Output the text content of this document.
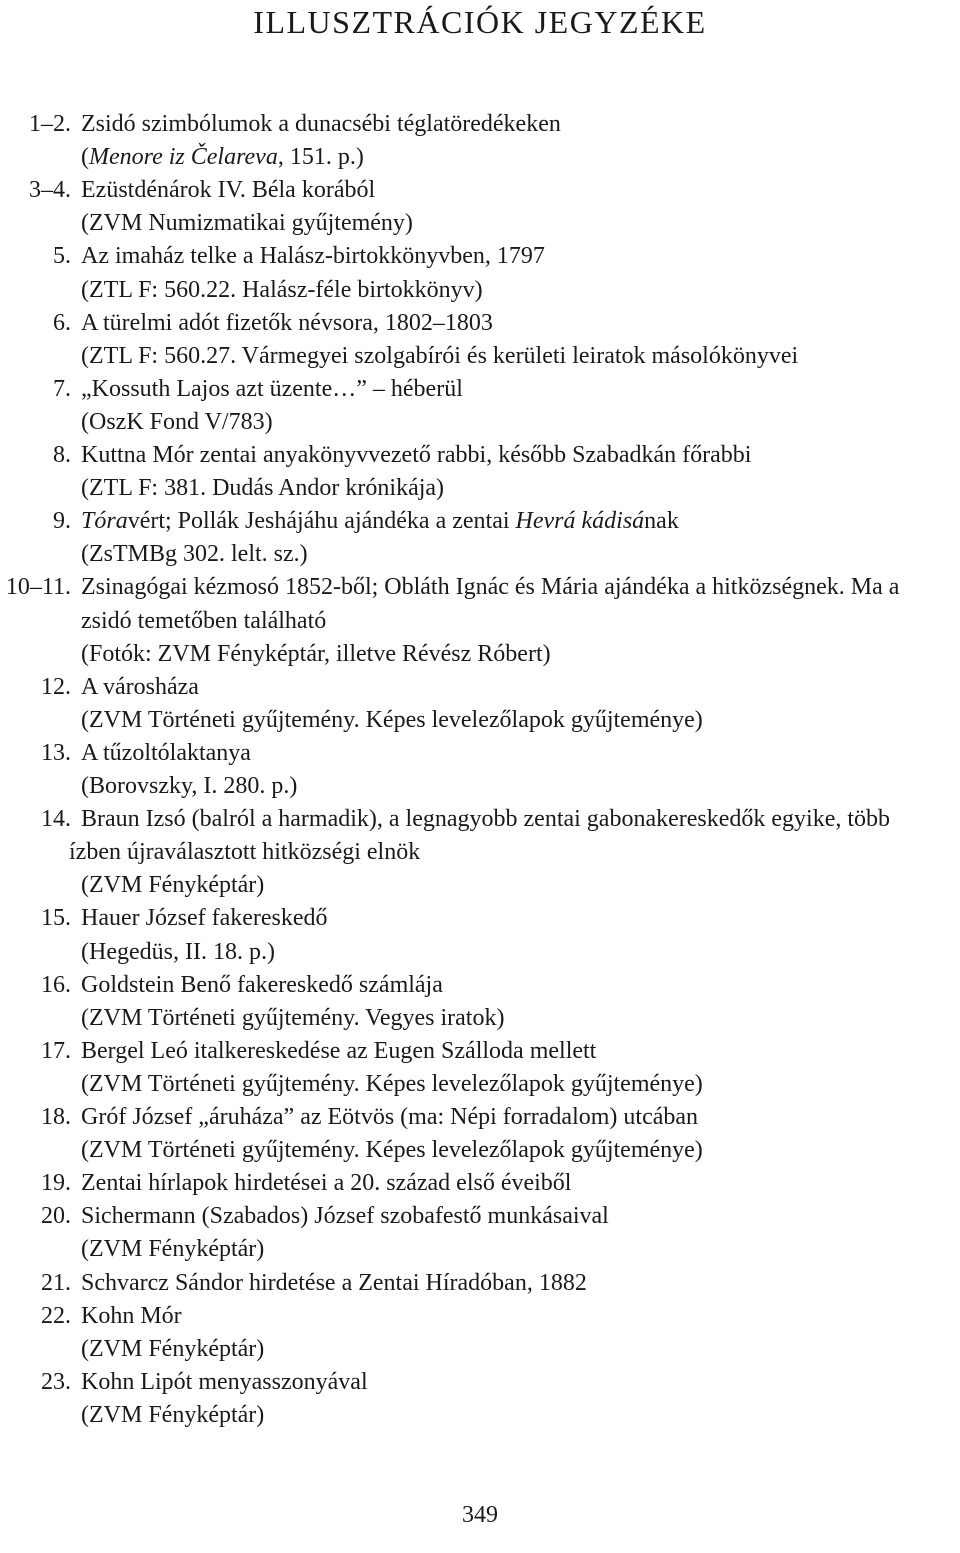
ILLUSZTRÁCIÓK JEGYZÉKE
1–2. Zsidó szimbólumok a dunacsébi téglatöredékeken
(Menore iz Čelareva, 151. p.)
3–4. Ezüstdénárok IV. Béla korából
(ZVM Numizmatikai gyűjtemény)
5. Az imaház telke a Halász-birtokkönyvben, 1797
(ZTL F: 560.22. Halász-féle birtokkönyv)
6. A türelmi adót fizetők névsora, 1802–1803
(ZTL F: 560.27. Vármegyei szolgabírói és kerületi leiratok másolókönyvei
7. „Kossuth Lajos azt üzente…” – héberül
(OszK Fond V/783)
8. Kuttna Mór zentai anyakönyvvezető rabbi, később Szabadkán főrabbi
(ZTL F: 381. Dudás Andor krónikája)
9. Tóravért; Pollák Jeshájáhu ajándéka a zentai Hevrá kádisának
(ZsTMBg 302. lelt. sz.)
10–11. Zsinagógai kézmosó 1852-ből; Obláth Ignác és Mária ajándéka a hitközségnek. Ma a
zsidó temetőben található
(Fotók: ZVM Fényképtár, illetve Révész Róbert)
12. A városháza
(ZVM Történeti gyűjtemény. Képes levelezőlapok gyűjteménye)
13. A tűzoltólaktanya
(Borovszky, I. 280. p.)
14. Braun Izsó (balról a harmadik), a legnagyobb zentai gabonakereskedők egyike, több
ízben újraválasztott hitközségi elnök
(ZVM Fényképtár)
15. Hauer József fakereskedő
(Hegedüs, II. 18. p.)
16. Goldstein Benő fakereskedő számlája
(ZVM Történeti gyűjtemény. Vegyes iratok)
17. Bergel Leó italkereskedése az Eugen Szálloda mellett
(ZVM Történeti gyűjtemény. Képes levelezőlapok gyűjteménye)
18. Gróf József „áruháza” az Eötvös (ma: Népi forradalom) utcában
(ZVM Történeti gyűjtemény. Képes levelezőlapok gyűjteménye)
19. Zentai hírlapok hirdetései a 20. század első éveiből
20. Sichermann (Szabados) József szobafestő munkásaival
(ZVM Fényképtár)
21. Schvarcz Sándor hirdetése a Zentai Híradóban, 1882
22. Kohn Mór
(ZVM Fényképtár)
23. Kohn Lipót menyasszonyával
(ZVM Fényképtár)
349
